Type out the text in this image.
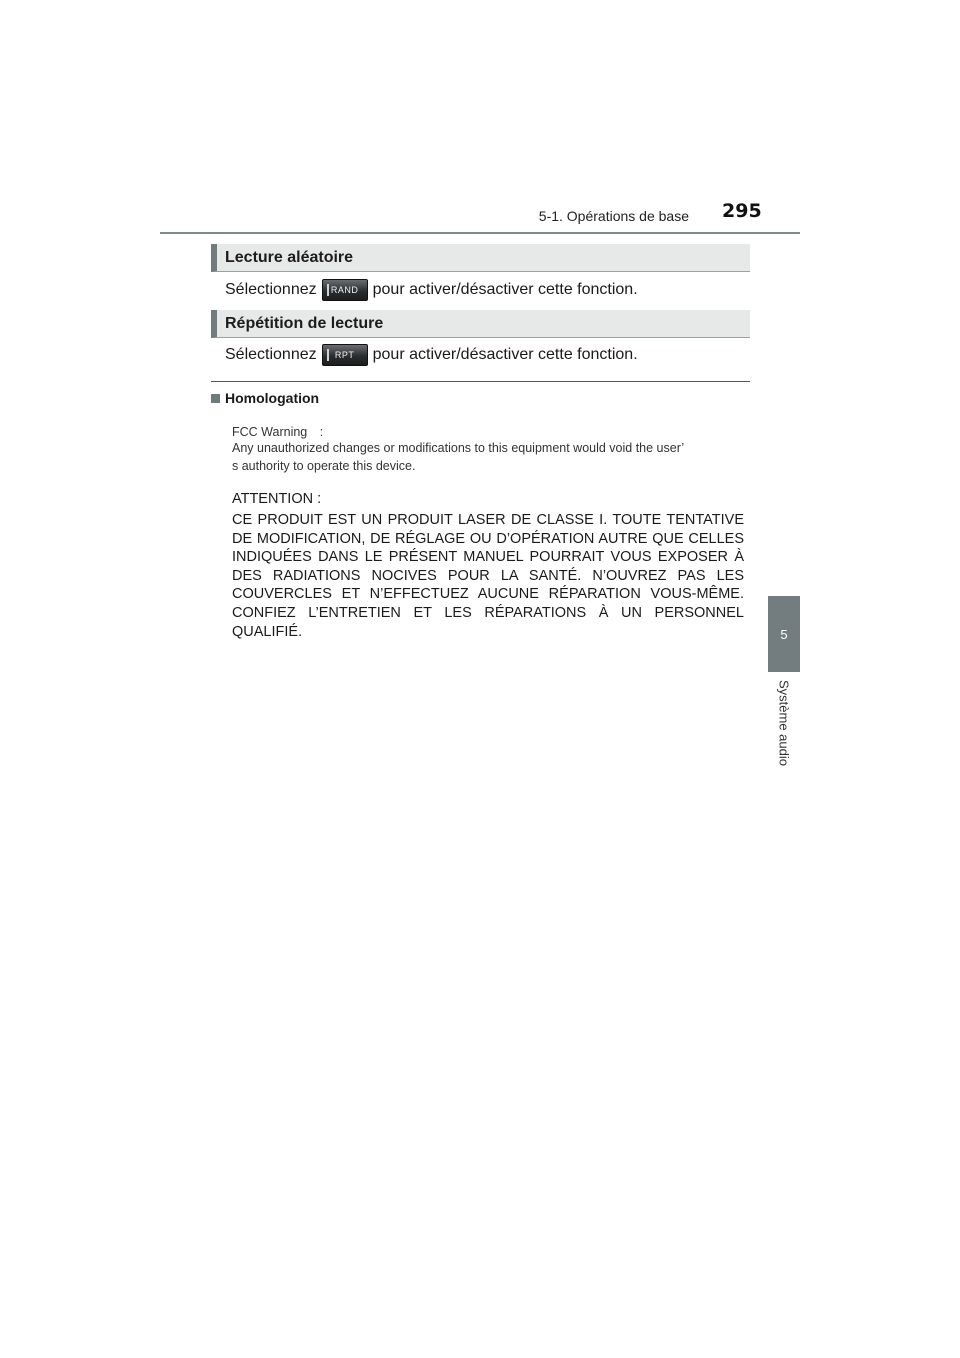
5-1. Opérations de base 295
5
Système audio
Lecture aléatoire
Sélectionnez RAND pour activer/désactiver cette fonction.
Répétition de lecture
Sélectionnez RPT pour activer/désactiver cette fonction.
Homologation
FCC Warning　:
Any unauthorized changes or modifications to this equipment would void the user’
s authority to operate this device.
ATTENTION :
CE PRODUIT EST UN PRODUIT LASER DE CLASSE I. TOUTE TENTATIVE DE MODIFICATION, DE RÉGLAGE OU D’OPÉRATION AUTRE QUE CELLES INDIQUÉES DANS LE PRÉSENT MANUEL POURRAIT VOUS EXPOSER À DES RADIATIONS NOCIVES POUR LA SANTÉ. N’OUVREZ PAS LES COUVERCLES ET N’EFFECTUEZ AUCUNE RÉPARATION VOUS-MÊME. CONFIEZ L’ENTRETIEN ET LES RÉPARATIONS À UN PERSONNEL QUALIFIÉ.
